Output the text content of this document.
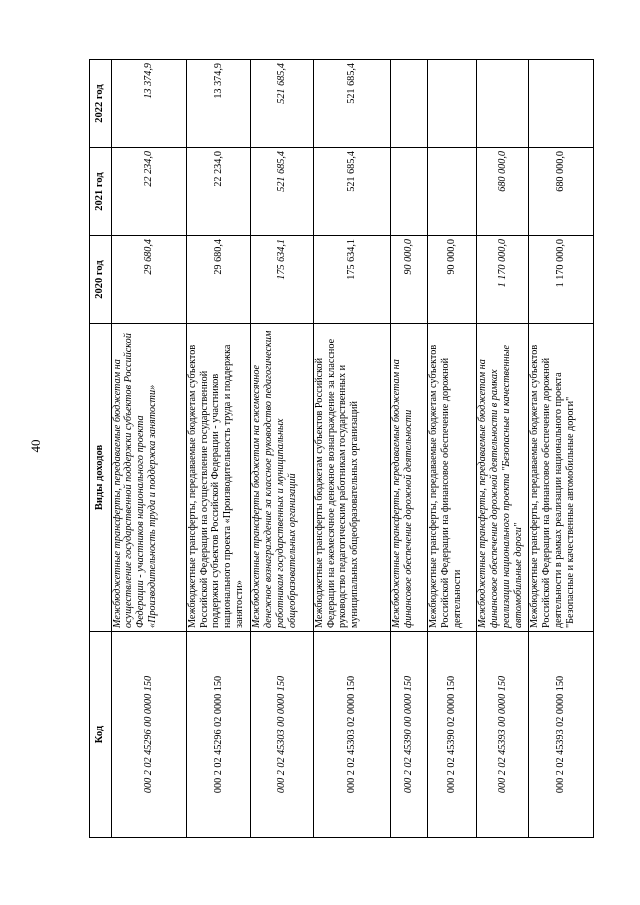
40
Код	Виды доходов	2020 год	2021 год	2022 год
000 2 02 45296 00 0000 150	Межбюджетные трансферты, передаваемые бюджетам на осуществление государственной поддержки субъектов Российской Федерации - участников национального проекта «Производительность труда и поддержка занятости»	29 680,4	22 234,0	13 374,9
000 2 02 45296 02 0000 150	Межбюджетные трансферты, передаваемые бюджетам субъектов Российской Федерации на осуществление государственной поддержки субъектов Российской Федерации - участников национального проекта «Производительность труда и поддержка занятости»	29 680,4	22 234,0	13 374,9
000 2 02 45303 00 0000 150	Межбюджетные трансферты бюджетам на ежемесячное денежное вознаграждение за классное руководство педагогическим работникам государственных и муниципальных общеобразовательных организаций	175 634,1	521 685,4	521 685,4
000 2 02 45303 02 0000 150	Межбюджетные трансферты бюджетам субъектов Российской Федерации на ежемесячное денежное вознаграждение за классное руководство педагогическим работникам государственных и муниципальных общеобразовательных организаций	175 634,1	521 685,4	521 685,4
000 2 02 45390 00 0000 150	Межбюджетные трансферты, передаваемые бюджетам на финансовое обеспечение дорожной деятельности	90 000,0		
000 2 02 45390 02 0000 150	Межбюджетные трансферты, передаваемые бюджетам субъектов Российской Федерации на финансовое обеспечение дорожной деятельности	90 000,0		
000 2 02 45393 00 0000 150	Межбюджетные трансферты, передаваемые бюджетам на финансовое обеспечение дорожной деятельности в рамках реализации национального проекта "Безопасные и качественные автомобильные дороги"	1 170 000,0	680 000,0	
000 2 02 45393 02 0000 150	Межбюджетные трансферты, передаваемые бюджетам субъектов Российской Федерации на финансовое обеспечение дорожной деятельности в рамках реализации национального проекта "Безопасные и качественные автомобильные дороги"	1 170 000,0	680 000,0	
